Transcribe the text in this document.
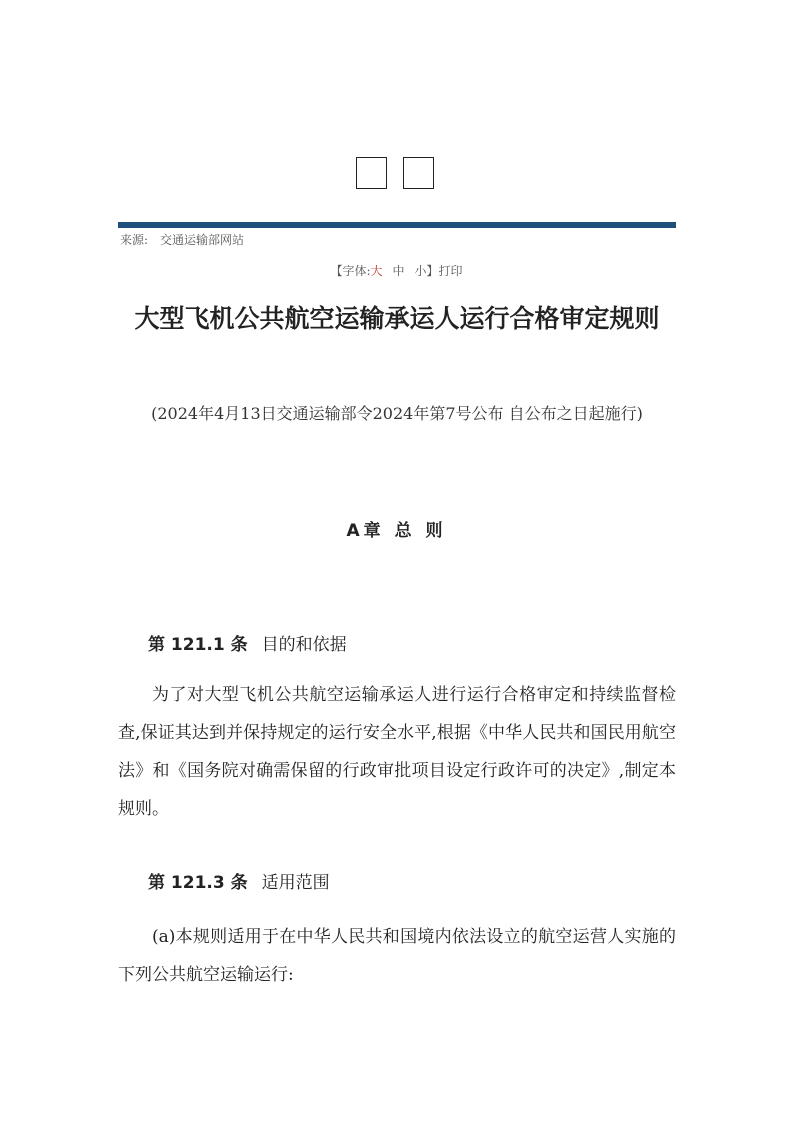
来源: 交通运输部网站
【字体:大 中 小】打印
大型飞机公共航空运输承运人运行合格审定规则
(2024年4月13日交通运输部令2024年第7号公布 自公布之日起施行)
A章 总 则
第 121.1 条 目的和依据

为了对大型飞机公共航空运输承运人进行运行合格审定和持续监督检查,保证其达到并保持规定的运行安全水平,根据《中华人民共和国民用航空法》和《国务院对确需保留的行政审批项目设定行政许可的决定》,制定本规则。

第 121.3 条 适用范围

(a)本规则适用于在中华人民共和国境内依法设立的航空运营人实施的下列公共航空运输运行:
